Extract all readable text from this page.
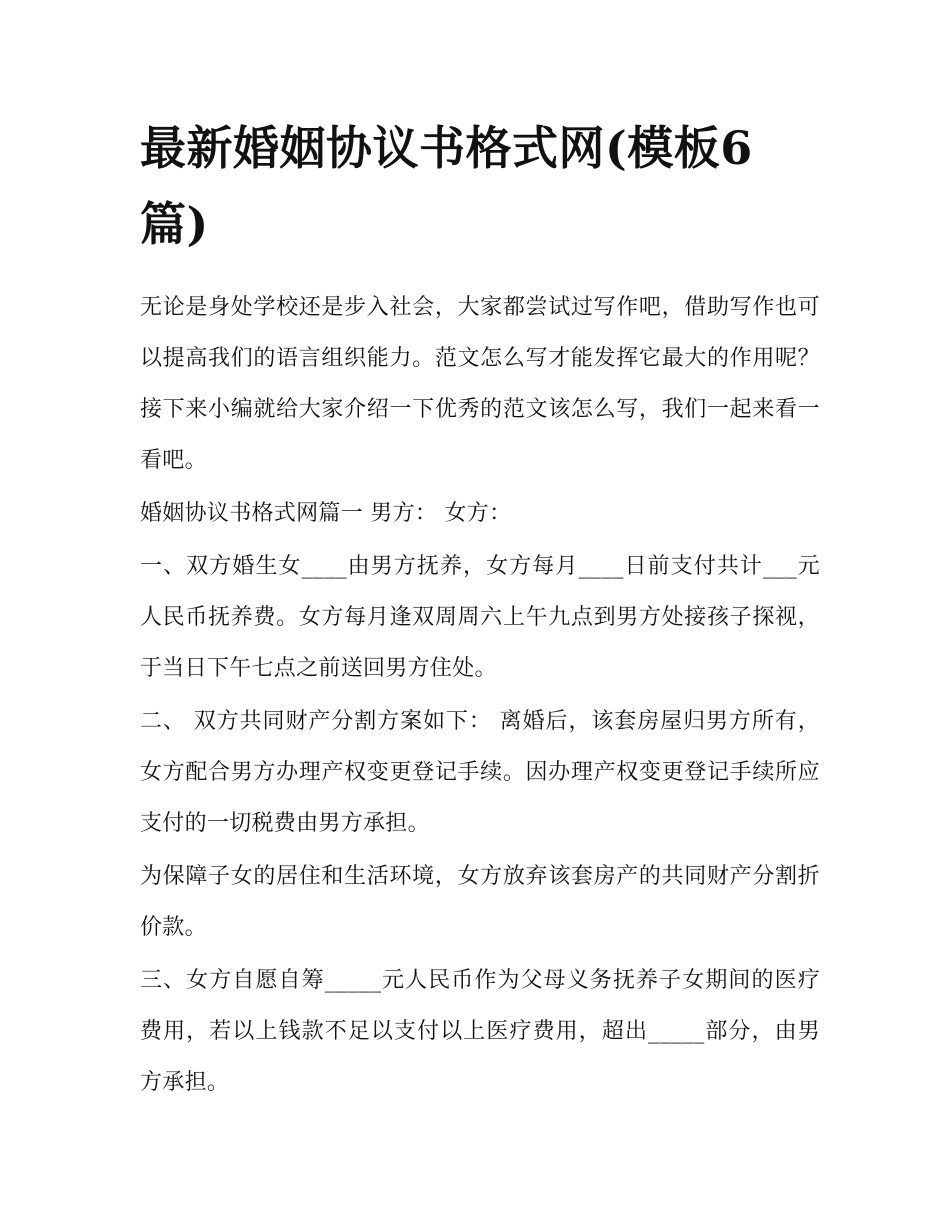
最新婚姻协议书格式网(模板6篇)

无论是身处学校还是步入社会，大家都尝试过写作吧，借助写作也可以提高我们的语言组织能力。范文怎么写才能发挥它最大的作用呢？接下来小编就给大家介绍一下优秀的范文该怎么写，我们一起来看一看吧。

婚姻协议书格式网篇一 男方： 女方：

一、双方婚生女____由男方抚养，女方每月____日前支付共计___元人民币抚养费。女方每月逢双周周六上午九点到男方处接孩子探视，于当日下午七点之前送回男方住处。

二、 双方共同财产分割方案如下： 离婚后，该套房屋归男方所有，女方配合男方办理产权变更登记手续。因办理产权变更登记手续所应支付的一切税费由男方承担。

为保障子女的居住和生活环境，女方放弃该套房产的共同财产分割折价款。

三、女方自愿自筹_____元人民币作为父母义务抚养子女期间的医疗费用，若以上钱款不足以支付以上医疗费用，超出_____部分，由男方承担。
